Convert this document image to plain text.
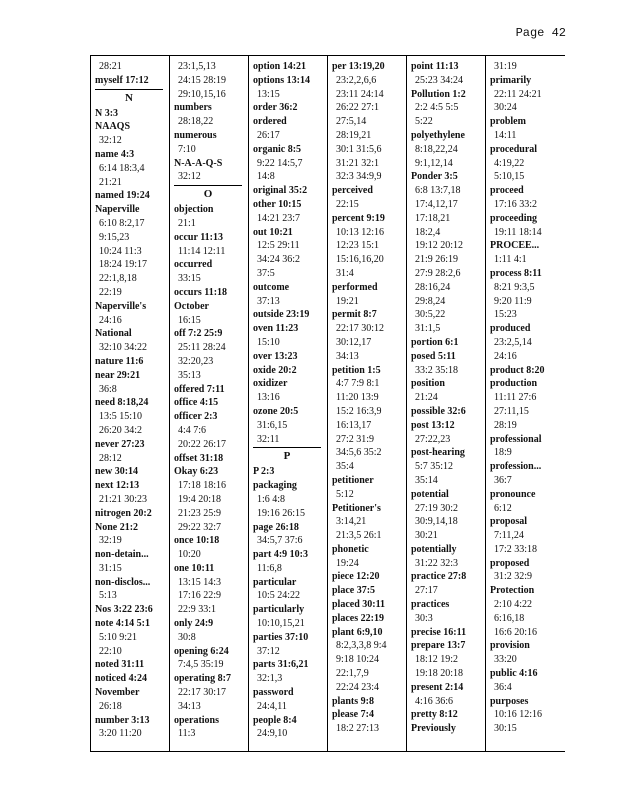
Page 42
28:21
myself 17:12
N
N 3:3
NAAQS
32:12
name 4:3
6:14 18:3,4
21:21
named 19:24
Naperville
6:10 8:2,17
9:15,23
10:24 11:3
18:24 19:17
22:1,8,18
22:19
Naperville's
24:16
National
32:10 34:22
nature 11:6
near 29:21
36:8
need 8:18,24
13:5 15:10
26:20 34:2
never 27:23
28:12
new 30:14
next 12:13
21:21 30:23
nitrogen 20:2
None 21:2
32:19
non-detain...
31:15
non-disclos...
5:13
Nos 3:22 23:6
note 4:14 5:1
5:10 9:21
22:10
noted 31:11
noticed 4:24
November
26:18
number 3:13
3:20 11:20
23:1,5,13
24:15 28:19
29:10,15,16
numbers
28:18,22
numerous
7:10
N-A-A-Q-S
32:12
O
objection
21:1
occur 11:13
11:14 12:11
occurred
33:15
occurs 11:18
October
16:15
off 7:2 25:9
25:11 28:24
32:20,23
35:13
offered 7:11
office 4:15
officer 2:3
4:4 7:6
20:22 26:17
offset 31:18
Okay 6:23
17:18 18:16
19:4 20:18
21:23 25:9
29:22 32:7
once 10:18
10:20
one 10:11
13:15 14:3
17:16 22:9
22:9 33:1
only 24:9
30:8
opening 6:24
7:4,5 35:19
operating 8:7
22:17 30:17
34:13
operations
11:3
option 14:21
options 13:14
13:15
order 36:2
ordered
26:17
organic 8:5
9:22 14:5,7
14:8
original 35:2
other 10:15
14:21 23:7
out 10:21
12:5 29:11
34:24 36:2
37:5
outcome
37:13
outside 23:19
oven 11:23
15:10
over 13:23
oxide 20:2
oxidizer
13:16
ozone 20:5
31:6,15
32:11
P
P 2:3
packaging
1:6 4:8
19:16 26:15
page 26:18
34:5,7 37:6
part 4:9 10:3
11:6,8
particular
10:5 24:22
particularly
10:10,15,21
parties 37:10
37:12
parts 31:6,21
32:1,3
password
24:4,11
people 8:4
24:9,10
per 13:19,20
23:2,2,6,6
23:11 24:14
26:22 27:1
27:5,14
28:19,21
30:1 31:5,6
31:21 32:1
32:3 34:9,9
perceived
22:15
percent 9:19
10:13 12:16
12:23 15:1
15:16,16,20
31:4
performed
19:21
permit 8:7
22:17 30:12
30:12,17
34:13
petition 1:5
4:7 7:9 8:1
11:20 13:9
15:2 16:3,9
16:13,17
27:2 31:9
34:5,6 35:2
35:4
petitioner
5:12
Petitioner's
3:14,21
21:3,5 26:1
phonetic
19:24
piece 12:20
place 37:5
placed 30:11
places 22:19
plant 6:9,10
8:2,3,3,8 9:4
9:18 10:24
22:1,7,9
22:24 23:4
plants 9:8
please 7:4
18:2 27:13
point 11:13
25:23 34:24
Pollution 1:2
2:2 4:5 5:5
5:22
polyethylene
8:18,22,24
9:1,12,14
Ponder 3:5
6:8 13:7,18
17:4,12,17
17:18,21
18:2,4
19:12 20:12
21:9 26:19
27:9 28:2,6
28:16,24
29:8,24
30:5,22
31:1,5
portion 6:1
posed 5:11
33:2 35:18
position
21:24
possible 32:6
post 13:12
27:22,23
post-hearing
5:7 35:12
35:14
potential
27:19 30:2
30:9,14,18
30:21
potentially
31:22 32:3
practice 27:8
27:17
practices
30:3
precise 16:11
prepare 13:7
18:12 19:2
19:18 20:18
present 2:14
4:16 36:6
pretty 8:12
Previously
31:19
primarily
22:11 24:21
30:24
problem
14:11
procedural
4:19,22
5:10,15
proceed
17:16 33:2
proceeding
19:11 18:14
PROCEE...
1:11 4:1
process 8:11
8:21 9:3,5
9:20 11:9
15:23
produced
23:2,5,14
24:16
product 8:20
production
11:11 27:6
27:11,15
28:19
professional
18:9
profession...
36:7
pronounce
6:12
proposal
7:11,24
17:2 33:18
proposed
31:2 32:9
Protection
2:10 4:22
6:16,18
16:6 20:16
provision
33:20
public 4:16
36:4
purposes
10:16 12:16
30:15
